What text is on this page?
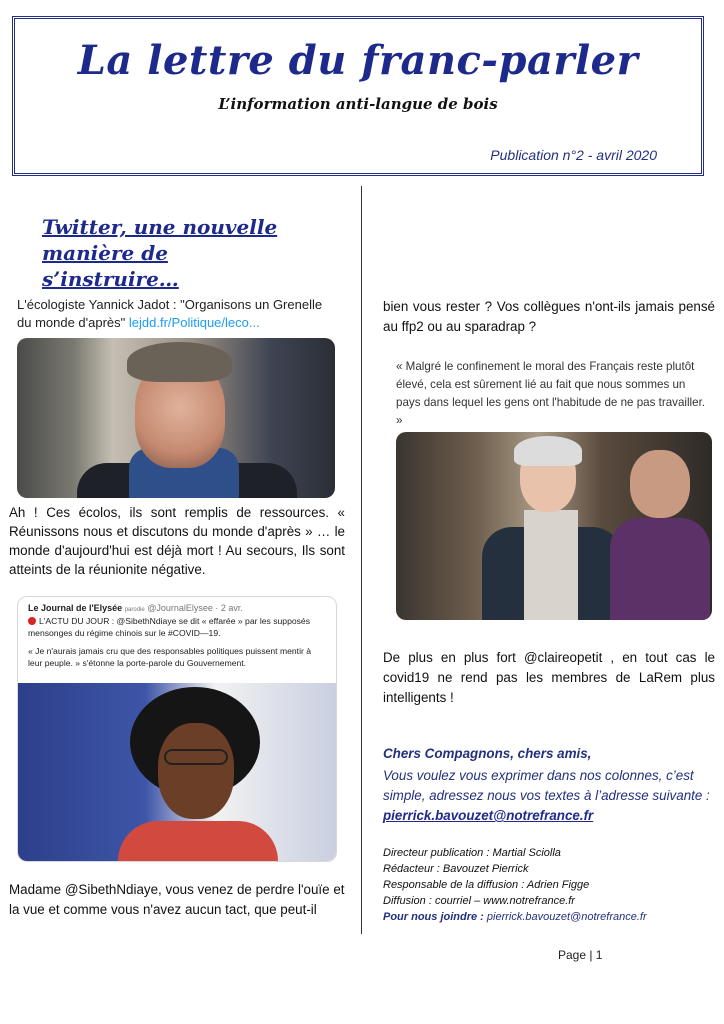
La lettre du franc-parler
L’information anti-langue de bois
Publication n°2 - avril 2020
Twitter, une nouvelle manière de s’instruire…
L'écologiste Yannick Jadot : "Organisons un Grenelle du monde d'après" lejdd.fr/Politique/leco...
Ah ! Ces écolos, ils sont remplis de ressources. « Réunissons nous et discutons du monde d'après » … le monde d'aujourd'hui est déjà mort ! Au secours, Ils sont atteints de la réunionite négative.
Le Journal de l'Elysée parodie @JournalElysee · 2 avr.
L'ACTU DU JOUR : @SibethNdiaye se dit « effarée » par les supposés mensonges du régime chinois sur le #COVID—19.
« Je n'aurais jamais cru que des responsables politiques puissent mentir à leur peuple. » s'étonne la porte-parole du Gouvernement.
Madame @SibethNdiaye, vous venez de perdre l'ouïe et la vue et comme vous n'avez aucun tact, que peut-il
bien vous rester ? Vos collègues n'ont-ils jamais pensé au ffp2 ou au sparadrap ?
« Malgré le confinement le moral des Français reste plutôt élevé, cela est sûrement lié au fait que nous sommes un pays dans lequel les gens ont l'habitude de ne pas travailler. »
De plus en plus fort @claireopetit , en tout cas le covid19 ne rend pas les membres de LaRem plus intelligents !
Chers Compagnons, chers amis,
Vous voulez vous exprimer dans nos colonnes, c’est simple, adressez nous vos textes à l’adresse suivante : pierrick.bavouzet@notrefrance.fr
Directeur publication : Martial Sciolla
Rédacteur : Bavouzet Pierrick
Responsable de la diffusion : Adrien Figge
Diffusion : courriel – www.notrefrance.fr
Pour nous joindre : pierrick.bavouzet@notrefrance.fr
Page | 1
